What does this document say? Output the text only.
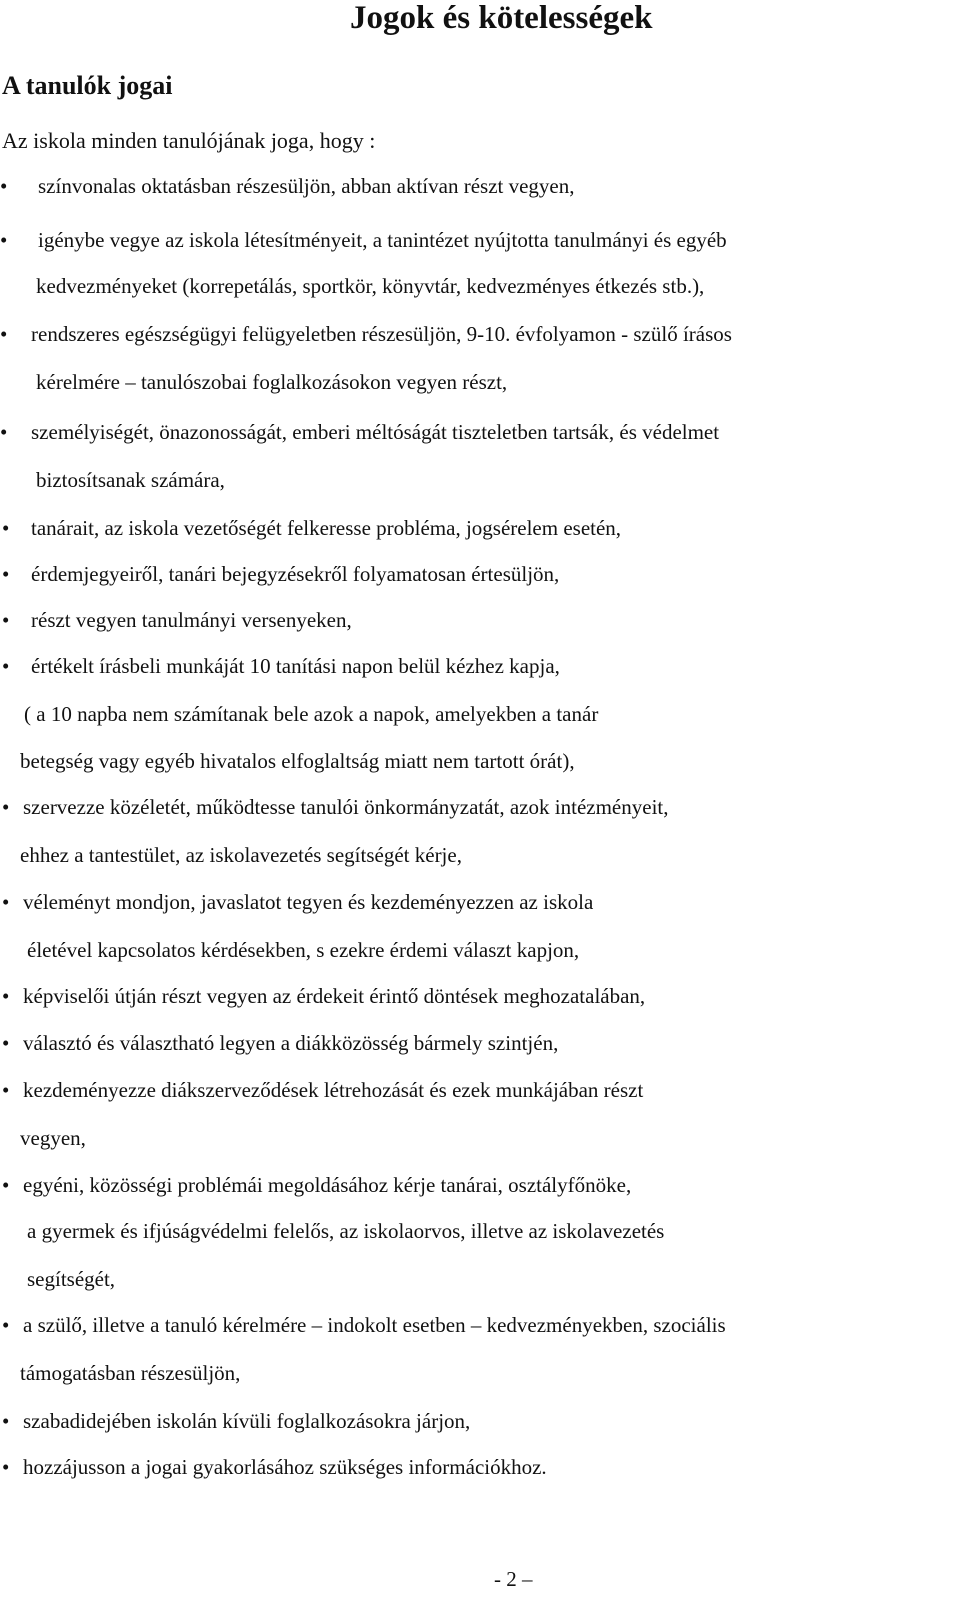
Jogok és kötelességek
A tanulók jogai

Az iskola minden tanulójának joga, hogy :

• színvonalas oktatásban részesüljön, abban aktívan részt vegyen,
• igénybe vegye az iskola létesítményeit, a tanintézet nyújtotta tanulmányi és egyéb
kedvezményeket (korrepetálás, sportkör, könyvtár, kedvezményes étkezés stb.),
• rendszeres egészségügyi felügyeletben részesüljön, 9-10. évfolyamon - szülő írásos
kérelmére – tanulószobai foglalkozásokon vegyen részt,
• személyiségét, önazonosságát, emberi méltóságát tiszteletben tartsák, és védelmet
biztosítsanak számára,
• tanárait, az iskola vezetőségét felkeresse probléma, jogsérelem esetén,
• érdemjegyeiről, tanári bejegyzésekről folyamatosan értesüljön,
• részt vegyen tanulmányi versenyeken,
• értékelt írásbeli munkáját 10 tanítási napon belül kézhez kapja,
( a 10 napba nem számítanak bele azok a napok, amelyekben a tanár
betegség vagy egyéb hivatalos elfoglaltság miatt nem tartott órát),
• szervezze közéletét, működtesse tanulói önkormányzatát, azok intézményeit,
ehhez a tantestület, az iskolavezetés segítségét kérje,
• véleményt mondjon, javaslatot tegyen és kezdeményezzen az iskola
életével kapcsolatos kérdésekben, s ezekre érdemi választ kapjon,
• képviselői útján részt vegyen az érdekeit érintő döntések meghozatalában,
• választó és választható legyen a diákközösség bármely szintjén,
• kezdeményezze diákszerveződések létrehozását és ezek munkájában részt
vegyen,
• egyéni, közösségi problémái megoldásához kérje tanárai, osztályfőnöke,
a gyermek és ifjúságvédelmi felelős, az iskolaorvos, illetve az iskolavezetés
segítségét,
• a szülő, illetve a tanuló kérelmére – indokolt esetben – kedvezményekben, szociális
támogatásban részesüljön,
• szabadidejében iskolán kívüli foglalkozásokra járjon,
• hozzájusson a jogai gyakorlásához szükséges információkhoz.
- 2 –
